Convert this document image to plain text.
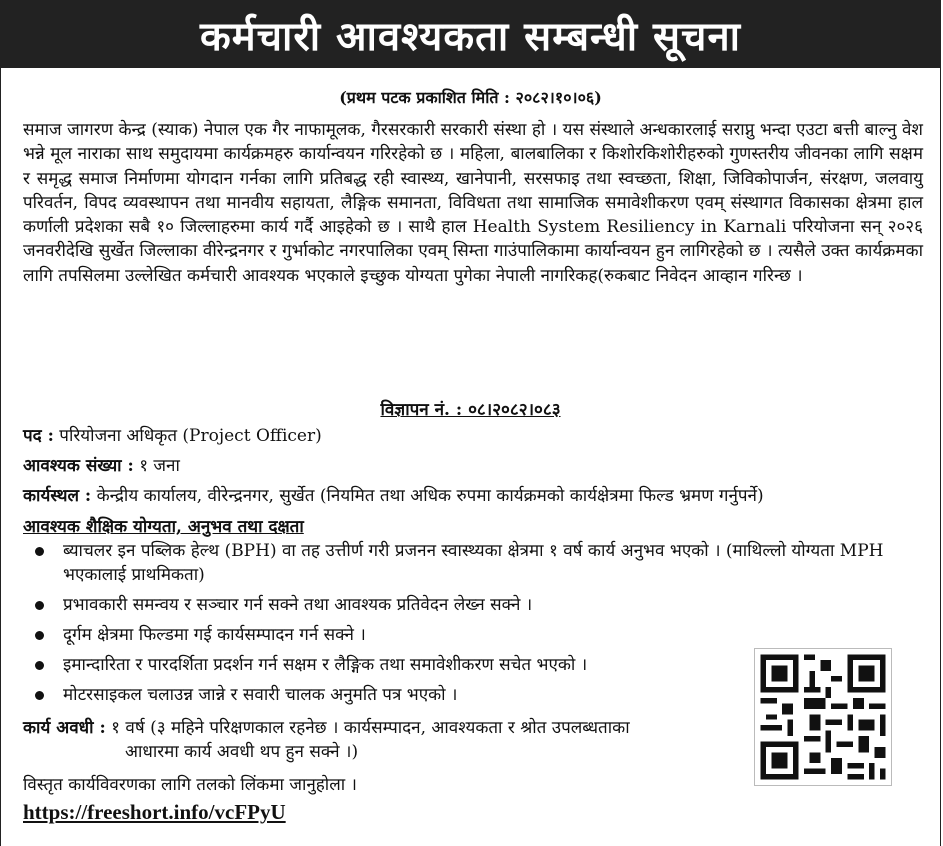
कर्मचारी आवश्यकता सम्बन्धी सूचना
(प्रथम पटक प्रकाशित मिति : २०८२।१०।०६)
समाज जागरण केन्द्र (स्याक) नेपाल एक गैर नाफामूलक, गैरसरकारी सरकारी संस्था हो । यस संस्थाले अन्धकारलाई सराप्नु भन्दा एउटा बत्ती बाल्नु वेश भन्ने मूल नाराका साथ समुदायमा कार्यक्रमहरु कार्यान्वयन गरिरहेको छ । महिला, बालबालिका र किशोरकिशोरीहरुको गुणस्तरीय जीवनका लागि सक्षम र समृद्ध समाज निर्माणमा योगदान गर्नका लागि प्रतिबद्ध रही स्वास्थ्य, खानेपानी, सरसफाइ तथा स्वच्छता, शिक्षा, जिविकोपार्जन, संरक्षण, जलवायु परिवर्तन, विपद व्यवस्थापन तथा मानवीय सहायता, लैङ्गिक समानता, विविधता तथा सामाजिक समावेशीकरण एवम् संस्थागत विकासका क्षेत्रमा हाल कर्णाली प्रदेशका सबै १० जिल्लाहरुमा कार्य गर्दै आइहेको छ । साथै हाल Health System Resiliency in Karnali परियोजना सन् २०२६ जनवरीदेखि सुर्खेत जिल्लाका वीरेन्द्रनगर र गुर्भाकोट नगरपालिका एवम् सिम्ता गाउंपालिकामा कार्यान्वयन हुन लागिरहेको छ । त्यसैले उक्त कार्यक्रमका लागि तपसिलमा उल्लेखित कर्मचारी आवश्यक भएकाले इच्छुक योग्यता पुगेका नेपाली नागरिकह(रुकबाट निवेदन आव्हान गरिन्छ ।
विज्ञापन नं. : ०८।२०८२।०८३
पद : परियोजना अधिकृत (Project Officer)
आवश्यक संख्या : १ जना
कार्यस्थल : केन्द्रीय कार्यालय, वीरेन्द्रनगर, सुर्खेत (नियमित तथा अधिक रुपमा कार्यक्रमको कार्यक्षेत्रमा फिल्ड भ्रमण गर्नुपर्ने)
आवश्यक शैक्षिक योग्यता, अनुभव तथा दक्षता
ब्याचलर इन पब्लिक हेल्थ (BPH) वा तह उत्तीर्ण गरी प्रजनन स्वास्थ्यका क्षेत्रमा १ वर्ष कार्य अनुभव भएको । (माथिल्लो योग्यता MPH भएकालाई प्राथमिकता)
प्रभावकारी समन्वय र सञ्चार गर्न सक्ने तथा आवश्यक प्रतिवेदन लेख्न सक्ने ।
दूर्गम क्षेत्रमा फिल्डमा गई कार्यसम्पादन गर्न सक्ने ।
इमान्दारिता र पारदर्शिता प्रदर्शन गर्न सक्षम र लैङ्गिक तथा समावेशीकरण सचेत भएको ।
मोटरसाइकल चलाउन्न जान्ने र सवारी चालक अनुमति पत्र भएको ।
कार्य अवधी : १ वर्ष (३ महिने परिक्षणकाल रहनेछ । कार्यसम्पादन, आवश्यकता र श्रोत उपलब्धताका
आधारमा कार्य अवधी थप हुन सक्ने ।)
विस्तृत कार्यविवरणका लागि तलको लिंकमा जानुहोला ।
https://freeshort.info/vcFPyU
